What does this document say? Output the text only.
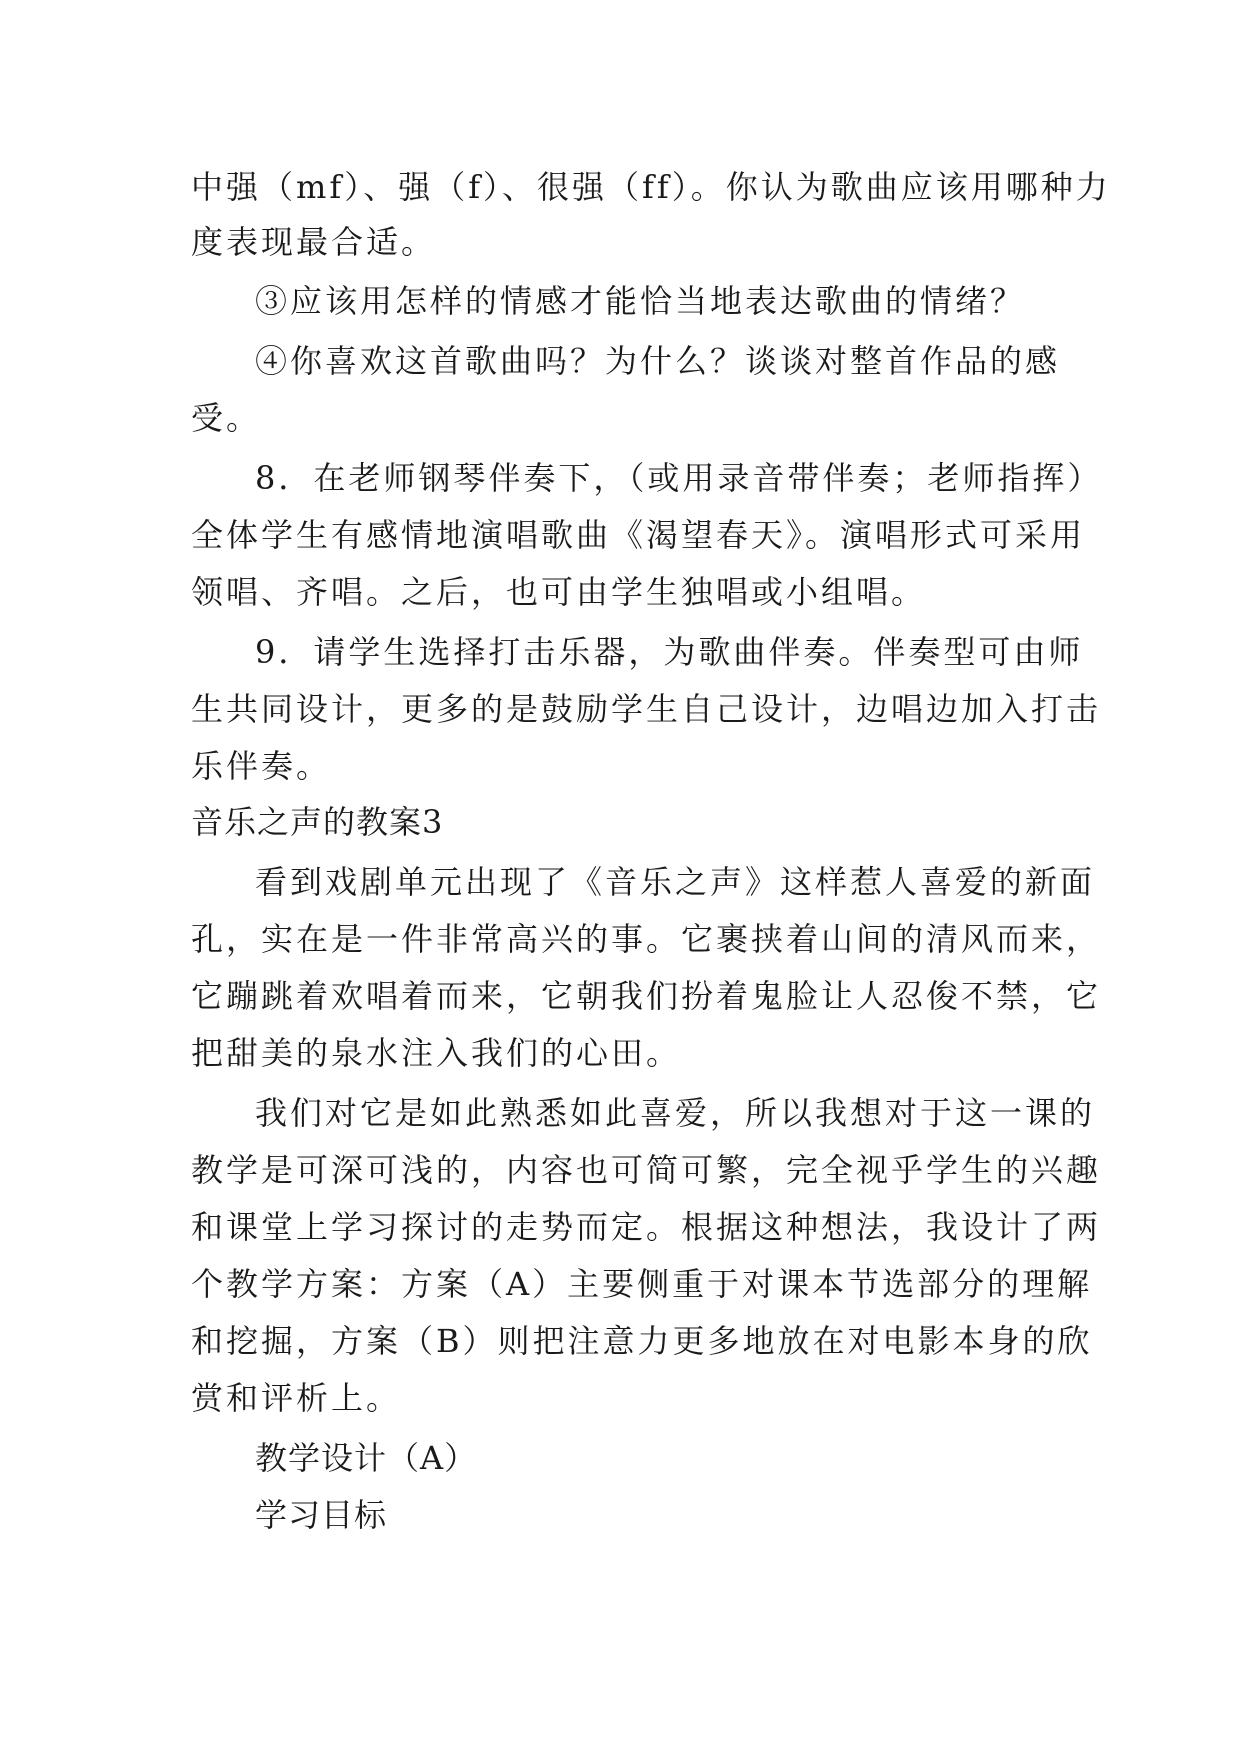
中强（mf）、强（f）、很强（ff）。你认为歌曲应该用哪种力
度表现最合适。
③应该用怎样的情感才能恰当地表达歌曲的情绪？
④你喜欢这首歌曲吗？为什么？谈谈对整首作品的感
受。
8．在老师钢琴伴奏下，（或用录音带伴奏；老师指挥）
全体学生有感情地演唱歌曲《渴望春天》。演唱形式可采用
领唱、齐唱。之后，也可由学生独唱或小组唱。
9．请学生选择打击乐器，为歌曲伴奏。伴奏型可由师
生共同设计，更多的是鼓励学生自己设计，边唱边加入打击
乐伴奏。
音乐之声的教案3
看到戏剧单元出现了《音乐之声》这样惹人喜爱的新面
孔，实在是一件非常高兴的事。它裹挟着山间的清风而来，
它蹦跳着欢唱着而来，它朝我们扮着鬼脸让人忍俊不禁，它
把甜美的泉水注入我们的心田。
我们对它是如此熟悉如此喜爱，所以我想对于这一课的
教学是可深可浅的，内容也可简可繁，完全视乎学生的兴趣
和课堂上学习探讨的走势而定。根据这种想法，我设计了两
个教学方案：方案（A）主要侧重于对课本节选部分的理解
和挖掘，方案（B）则把注意力更多地放在对电影本身的欣
赏和评析上。
教学设计（A）
学习目标
